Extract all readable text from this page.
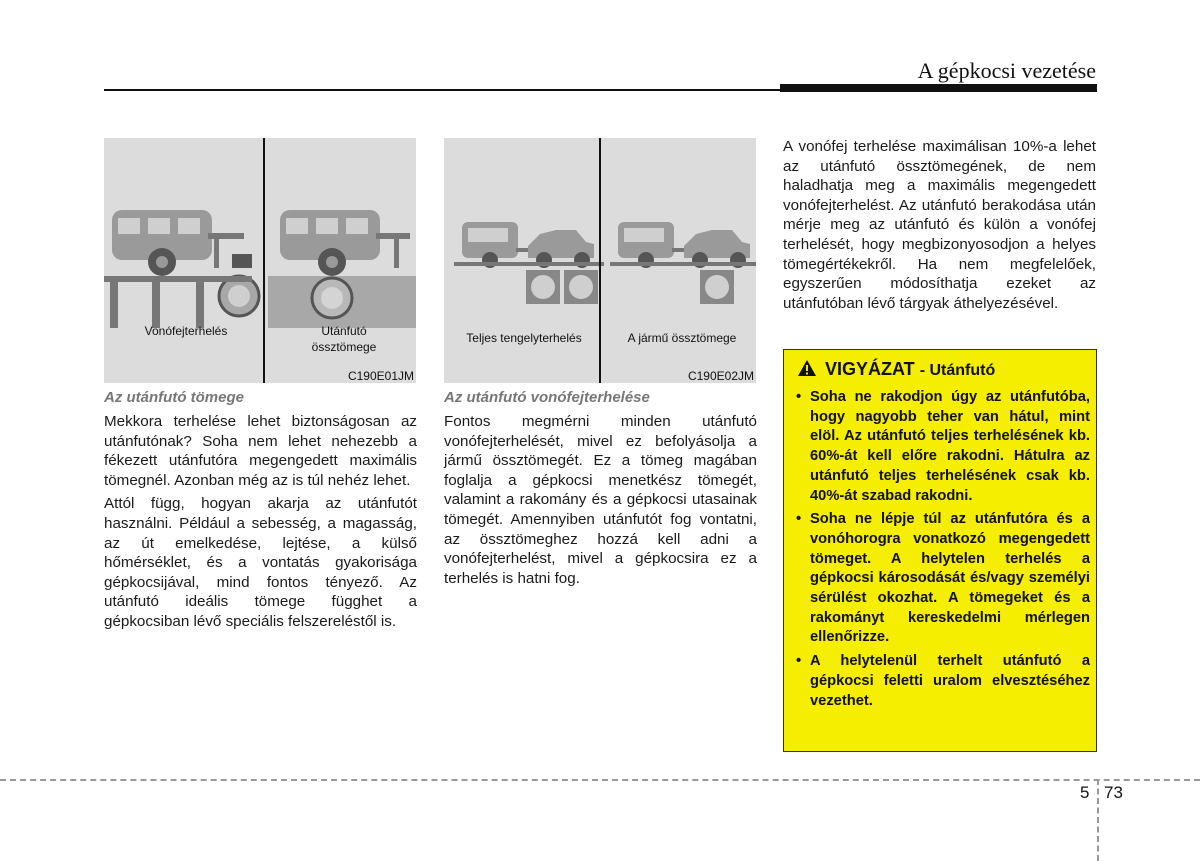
A gépkocsi vezetése
Vonófejterhelés	Utánfutó
össztömege
C190E01JM
Teljes tengelyterhelés	A jármű össztömege
C190E02JM
Az utánfutó tömege

Mekkora terhelése lehet biztonságosan az utánfutónak? Soha nem lehet nehezebb a fékezett utánfutóra megengedett maximális tömegnél. Azonban még az is túl nehéz lehet.

Attól függ, hogyan akarja az utánfutót használni. Például a sebesség, a magasság, az út emelkedése, lejtése, a külső hőmérséklet, és a vontatás gyakorisága gépkocsijával, mind fontos tényező. Az utánfutó ideális tömege függhet a gépkocsiban lévő speciális felszereléstől is.

Az utánfutó vonófejterhelése

Fontos megmérni minden utánfutó vonófejterhelését, mivel ez befolyásolja a jármű össztömegét. Ez a tömeg magában foglalja a gépkocsi menetkész tömegét, valamint a rakomány és a gépkocsi utasainak tömegét. Amennyiben utánfutót fog vontatni, az össztömeghez hozzá kell adni a vonófejterhelést, mivel a gépkocsira ez a terhelés is hatni fog.

A vonófej terhelése maximálisan 10%-a lehet az utánfutó össztömegének, de nem haladhatja meg a maximális megengedett vonófejterhelést. Az utánfutó berakodása után mérje meg az utánfutó és külön a vonófej terhelését, hogy megbizonyosodjon a helyes tömegértékekről. Ha nem megfelelőek, egyszerűen módosíthatja ezeket az utánfutóban lévő tárgyak áthelyezésével.

VIGYÁZAT - Utánfutó
• Soha ne rakodjon úgy az utánfutóba, hogy nagyobb teher van hátul, mint elöl. Az utánfutó teljes terhelésének kb. 60%-át kell előre rakodni. Hátulra az utánfutó teljes terhelésének csak kb. 40%-át szabad rakodni.
• Soha ne lépje túl az utánfutóra és a vonóhorogra vonatkozó megengedett tömeget. A helytelen terhelés a gépkocsi károsodását és/vagy személyi sérülést okozhat. A tömegeket és a rakományt kereskedelmi mérlegen ellenőrizze.
• A helytelenül terhelt utánfutó a gépkocsi feletti uralom elvesztéséhez vezethet.
5 73
